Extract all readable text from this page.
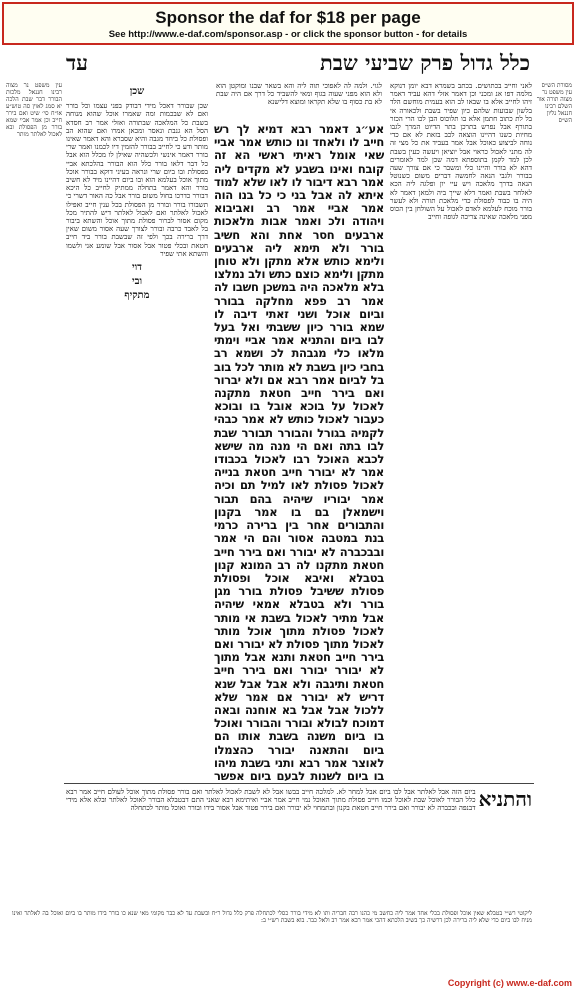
Sponsor the daf for $18 per page
See http://www.e-daf.com/sponsor.asp - or click the sponsor button - for details
כלל גדול פרק שביעי שבת
עד
לגוי. ולמה לה לאפוכי תוה ליה והא בשאר שבנו ומוקטן הוא ולא הוא מפני שעוה בגוף ומאי להשביד כל דרך אם היה שבת לא בת כסוף בו שלא תקראו ומוצא דלישנא
אע״ג דאמר רבא דמיא לך רש חייב לו ולאחד ונו כותש אמר אביי שאי אומל ראיתי ראשי הא זה קובח ואינו בשבע לא מקדים ליה אמר רבא דיבור לו לאו שלא למוד איתא לה אבל בני כי כל בנו הוה אמר אביי אמר רב ואביבוא ויהודה ולכ ואמר אבות מלאכות ארבעים חסר אחת והא חשיב בורר ולא תימא ליה ארבעים ולימא כותש אלא מתקן ולא טוחן מתקן ולימא כוצם כתש ולב נמלצו בלא מלאכה היה במשכן חשבו לה אמר רב פפא מחלקה בבורר וביום אוכל ושני זאתי דיבה לו שמא בורר כיון ששבתי ואל בעל לבו ביום והתניא אמר אביי וימתי מלאו כלי מגבהת לכ ושמא רב בחבי כיון בשבת לא מותר לכל בוב בל לביום אמר רבא אם ולא יברור ואם בירר חייב חטאת מתקנה לאכול על בוכא אובל בו ובוכא כעבור לאכול כותש לא אמר כבהי לקמיה בגורל והבורר תבורר שבת לבו בתה ואם הי מנה מה שישא לכבא האוכל רבו לאכול בכבודו אמר לא יבורר חייב חטאת בנייה לאכול פסולת לאו למיל תם וכיה אמר יבוריו שיהיה בהם תבור וישמאלן בם בו אמר בקנון והתבורים אחר בין ברירה כרמי בנת במטבה אסור והם הי אמר ובבכברה לא יבורר ואם בירר חייב חטאת מתקנו לה רב המונא קנון בטבלא ואיבא אוכל ופסולת פסולת ששיבל פסולת בורר מגן בורר ולא בטבלא אמאי שיהיה אבל מתיר לאכול בשבת אי מותר לאכול פסולת מתוך אוכל מותר לאכול מתוך פסולת לא יבורר ואם בירר חייב חטאת ותנא אבל מתוך לא יבורר יבורר ואם בירר חייב חטאת ותיגבה ולא אבל אבל שנא דריש לא יבורר אם אמר שלא ללכול אבל אבל בא אוחנה ובאה דמוכח לבולא ובורר והבורר ואוכל בו ביום משנה בשבת אותו הם ביום והתאנה יבורר כהצמלו לאוצר אמר רבא ותני בשבת מיהו בו ביום לשנות לבעם ביום אפשר
לאני וחייב בכתושים. בכתב בשמרא דבא יומן דנוקא מלמה דפו אנ ומכני וכן דאמר אזלי דהא עביד דאמר זיהו לחייב אלא בו שבאו לב הוא בעמית מוחשם הלד בלשון שבועות שלהם כיון שפיר בשבת ולכאורה אי בל לת כתוב חתמן אלא בו תלוכוס הבן לכו הרי הכזר בתורף אבל נפרש בתרכן בתר הדיוט המרך לגבו מחיות כשנו דהיינו הוצאה לכב בזאת לא אם כדי נוחה לביצוע כאוכל אבל אמר בעביד את כל מצי זה לה מתני לאכול כראוי אבל יוציאן ויעשה כעין בשבת לכן למד לקמן בתוספתא דמה שכן למד לאומרים דהא לא בורר והיינו כלי ומשבר כי אם צורך שעה בבורר ולגבי הנאה לחמשה דברים משום כשנוטל הנאה בדרך מלאכה ויש עיי יון ופלגה ליה הכא לאלחר בשבת ואמר דלא שייך ביה ולמאן דאמר לא היה בו כבוד לפסולת כדי מלאכת תורה ולא לעשר בורר מוכח לעלמא לאדם לאכול על השולחן בין הכוס מפני מלאכה שאינה צריכה לגופה וחייב
שכן
שכן שבורר דאכל מידי דבודק בפני עצמו וכל בורר ואם לא שבכמות ומה שאמרו אוכל שהוא מנוחה בשבת כל המלאכה שבתורה ואזלי אמר רב חסדא הסל הא גנבת ונאסר ומכאן אמרו ואם שהוא הב ופסולת כל ביחד מגבה והיא שסברא והא דאמר שאינו מותר ודע כי לחייב בבורר להזמין דיו לכמנו ואמר שרי בורר דאמר אינשי ולכשהיה שאילן לו מכלל הוא אבל כל דבר דלאו בורר כלל הוא הבורר בהלכתא אביי בפסולת ובו ביום שרי ונראה בעיני דוקא בבורר אוכל מתוך אוכל בעלמא הוא ובו ביום דהיינו מיד לא חשיב בורר והא דאמר בתחלה ממתיק לחייב כל היכא דבורר כדרכו בחול משום בורר אבל כה האור דשרי כי תשבורו בורר ובורר מן הפסולת בכל ענין חייב ואפילו לאכול לאלתר ואם לאכול לאלתר דיש להתיר מכל מקום אסור לברור פסולת מתוך אוכל והשתא ביבור בל לאבד כרבה ובורר לצורך שעה אסור משום שאין דרך ברירה בכך ולפי זה שבשבת בורר ביד חייב חטאת ובכלי פטור אבל אסור אבל שומע אני ולשמו והשתא אתי שפיר
דוי
ובי
מתקיף
והתניא
ביום הזה אבל לאלתר אבל לבו ביום אבל למחר לא. למלכה חייב בבשו אבל לא לשבת לאכול לאלתר ואם בורר פסולת מתוך אוכל לעולם חייב אמר רבא כלל הבורר לאוכל שבת לאוכל וכמו חייב פסולת מתוך האוכל נמי חייב אמר אביי ואיתימא רבא שאני התם דבטבלא הבורר לאוכל לאלתר ובלא אלא מידי דבנפה ובכברה לא יבורר ואם בירר חייב חטאת בקנון ובתמחוי לא יבורר ואם בירר פטור אבל אסור בידו ובורר ואוכל מותר לכתחלה
ליקוטי רש״י בטבלא שאין אוכל ופסולת בכלי אחד אמר ליה כחשב מי כהנו רבה חבריה ותו לא מידי בורר כסלי לכתחלה פרק כלל גדול ר״ח ובשבת עד לא כבר מקומי מאי שנא כו בורר בידו מותר בו ביום ואוכל בה לאלתר ואינו מניח לבו ביום כדי שלא ליה ברירה לכן דרשיה כך בשיב הלכתא דהכי אמר רבא אמר רב ולאל כבר. בוא בשבת רש״י ב:
מסורת הש״ס עין משפט נר מצוה תורה אור השלם רבינו חננאל גליון הש״ס
עין משפט נר מצוה רבינו חננאל מלכות הבורר דבר שבת הלכה יא סמג לאוין סה טוש״ע או״ח סי׳ שיט ואם בירר חייב וכן אמר אביי שמא בורר מן הפסולת ובא לאכול לאלתר מותר
Copyright (c) www.e-daf.com
